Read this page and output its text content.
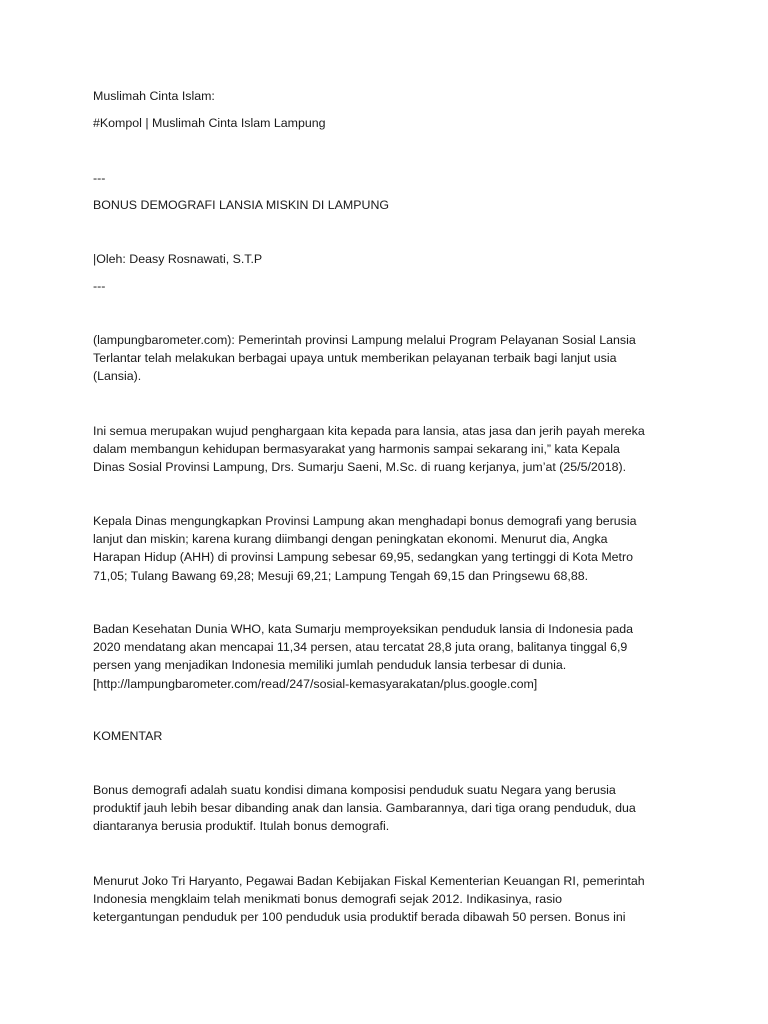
Muslimah Cinta Islam:

#Kompol | Muslimah Cinta Islam Lampung

---

BONUS DEMOGRAFI LANSIA MISKIN DI LAMPUNG

|Oleh: Deasy Rosnawati, S.T.P

---

(lampungbarometer.com): Pemerintah provinsi Lampung melalui Program Pelayanan Sosial Lansia
Terlantar telah melakukan berbagai upaya untuk memberikan pelayanan terbaik bagi lanjut usia
(Lansia).
Ini semua merupakan wujud penghargaan kita kepada para lansia, atas jasa dan jerih payah mereka
dalam membangun kehidupan bermasyarakat yang harmonis sampai sekarang ini,” kata Kepala
Dinas Sosial Provinsi Lampung, Drs. Sumarju Saeni, M.Sc. di ruang kerjanya, jum’at (25/5/2018).
Kepala Dinas mengungkapkan Provinsi Lampung akan menghadapi bonus demografi yang berusia
lanjut dan miskin; karena kurang diimbangi dengan peningkatan ekonomi. Menurut dia, Angka
Harapan Hidup (AHH) di provinsi Lampung sebesar 69,95, sedangkan yang tertinggi di Kota Metro
71,05; Tulang Bawang 69,28; Mesuji 69,21; Lampung Tengah 69,15 dan Pringsewu 68,88.
Badan Kesehatan Dunia WHO, kata Sumarju memproyeksikan penduduk lansia di Indonesia pada
2020 mendatang akan mencapai 11,34 persen, atau tercatat 28,8 juta orang, balitanya tinggal 6,9
persen yang menjadikan Indonesia memiliki jumlah penduduk lansia terbesar di dunia.
[http://lampungbarometer.com/read/247/sosial-kemasyarakatan/plus.google.com]

KOMENTAR

Bonus demografi adalah suatu kondisi dimana komposisi penduduk suatu Negara yang berusia
produktif jauh lebih besar dibanding anak dan lansia. Gambarannya, dari tiga orang penduduk, dua
diantaranya berusia produktif. Itulah bonus demografi.
Menurut Joko Tri Haryanto, Pegawai Badan Kebijakan Fiskal Kementerian Keuangan RI, pemerintah
Indonesia mengklaim telah menikmati bonus demografi sejak 2012. Indikasinya, rasio
ketergantungan penduduk per 100 penduduk usia produktif berada dibawah 50 persen. Bonus ini
